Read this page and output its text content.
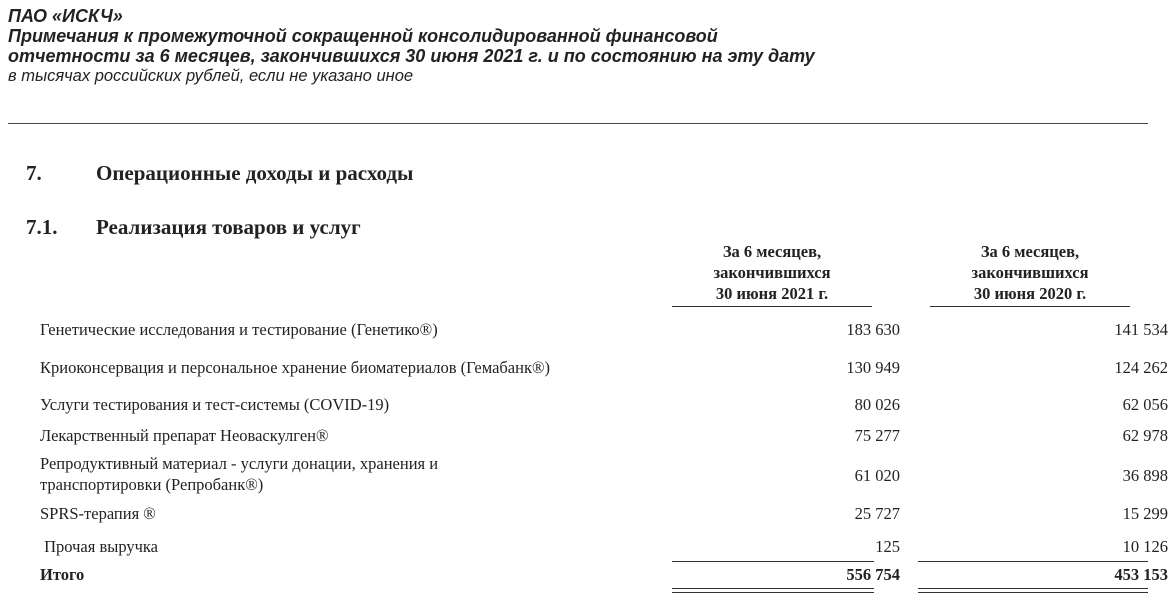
ПАО «ИСКЧ»
Примечания к промежуточной сокращенной консолидированной финансовой
отчетности за 6 месяцев, закончившихся 30 июня 2021 г. и по состоянию на эту дату
в тысячах российских рублей, если не указано иное
7.	Операционные доходы и расходы
7.1. Реализация товаров и услуг
За 6 месяцев,
закончившихся
30 июня 2021 г.
За 6 месяцев,
закончившихся
30 июня 2020 г.
Генетические исследования и тестирование (Генетико®)	183 630	141 534
Криоконсервация и персональное хранение биоматериалов (Гемабанк®)	130 949	124 262
Услуги тестирования и тест-системы (COVID-19)	80 026	62 056
Лекарственный препарат Неоваскулген®	75 277	62 978
Репродуктивный материал - услуги донации, хранения и
транспортировки (Репробанк®)	61 020	36 898
SPRS-терапия ®	25 727	15 299
Прочая выручка	125	10 126
Итого	556 754	453 153
